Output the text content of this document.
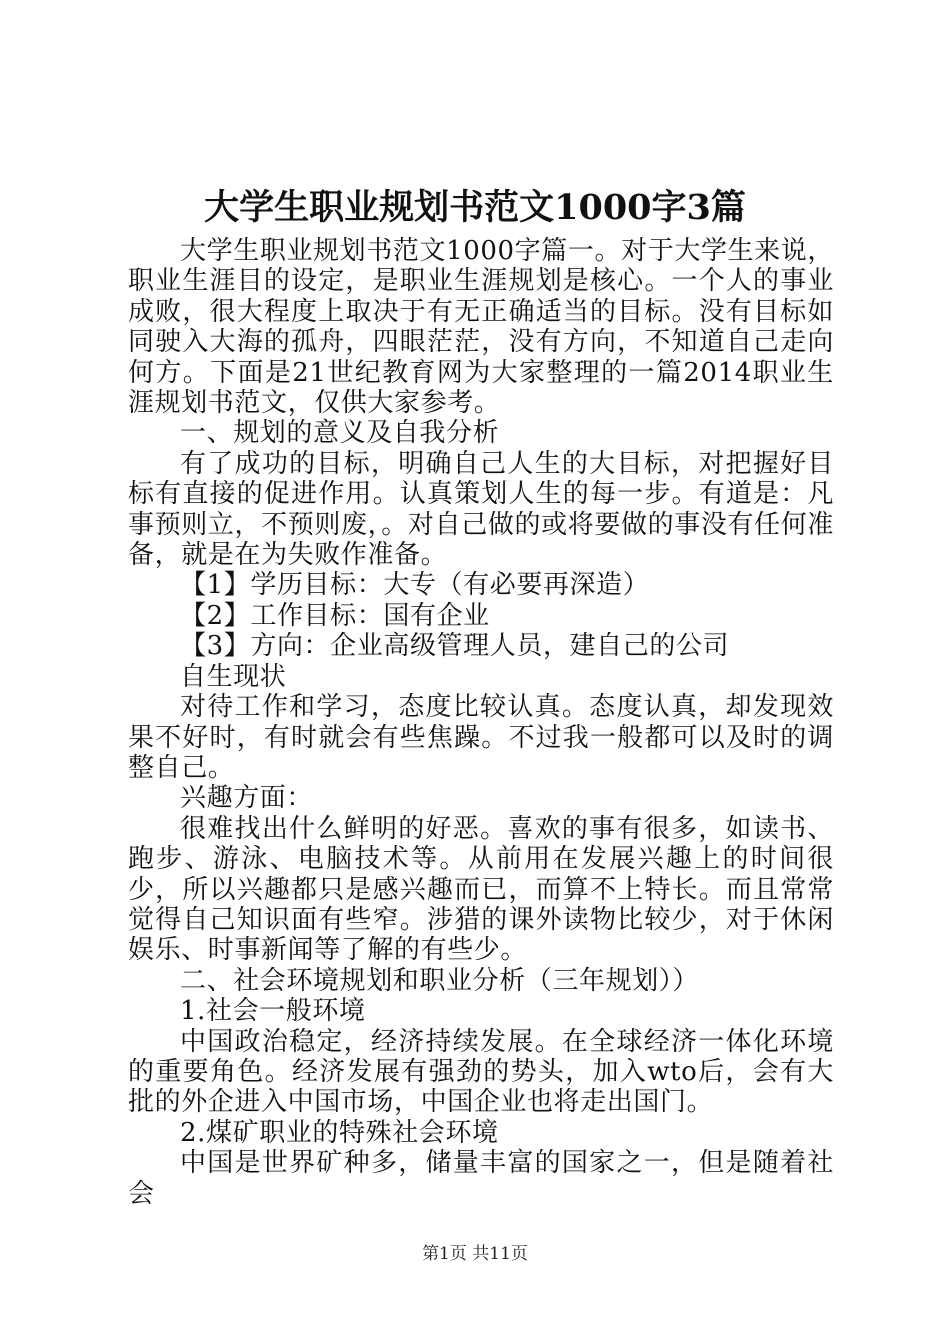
大学生职业规划书范文1000字3篇

大学生职业规划书范文1000字篇一。对于大学生来说，职业生涯目的设定，是职业生涯规划是核心。一个人的事业成败，很大程度上取决于有无正确适当的目标。没有目标如同驶入大海的孤舟，四眼茫茫，没有方向，不知道自己走向何方。下面是21世纪教育网为大家整理的一篇2014职业生涯规划书范文，仅供大家参考。

一、规划的意义及自我分析

有了成功的目标，明确自己人生的大目标，对把握好目标有直接的促进作用。认真策划人生的每一步。有道是：凡事预则立，不预则废，。对自己做的或将要做的事没有任何准备，就是在为失败作准备。

【1】学历目标：大专（有必要再深造）

【2】工作目标：国有企业

【3】方向：企业高级管理人员，建自己的公司

自生现状

对待工作和学习，态度比较认真。态度认真，却发现效果不好时，有时就会有些焦躁。不过我一般都可以及时的调整自己。

兴趣方面：

很难找出什么鲜明的好恶。喜欢的事有很多，如读书、跑步、游泳、电脑技术等。从前用在发展兴趣上的时间很少，所以兴趣都只是感兴趣而已，而算不上特长。而且常常觉得自己知识面有些窄。涉猎的课外读物比较少，对于休闲娱乐、时事新闻等了解的有些少。

二、社会环境规划和职业分析（三年规划））

1.社会一般环境

中国政治稳定，经济持续发展。在全球经济一体化环境的重要角色。经济发展有强劲的势头，加入wto后，会有大批的外企进入中国市场，中国企业也将走出国门。

2.煤矿职业的特殊社会环境

中国是世界矿种多，储量丰富的国家之一，但是随着社会

第1页 共11页
